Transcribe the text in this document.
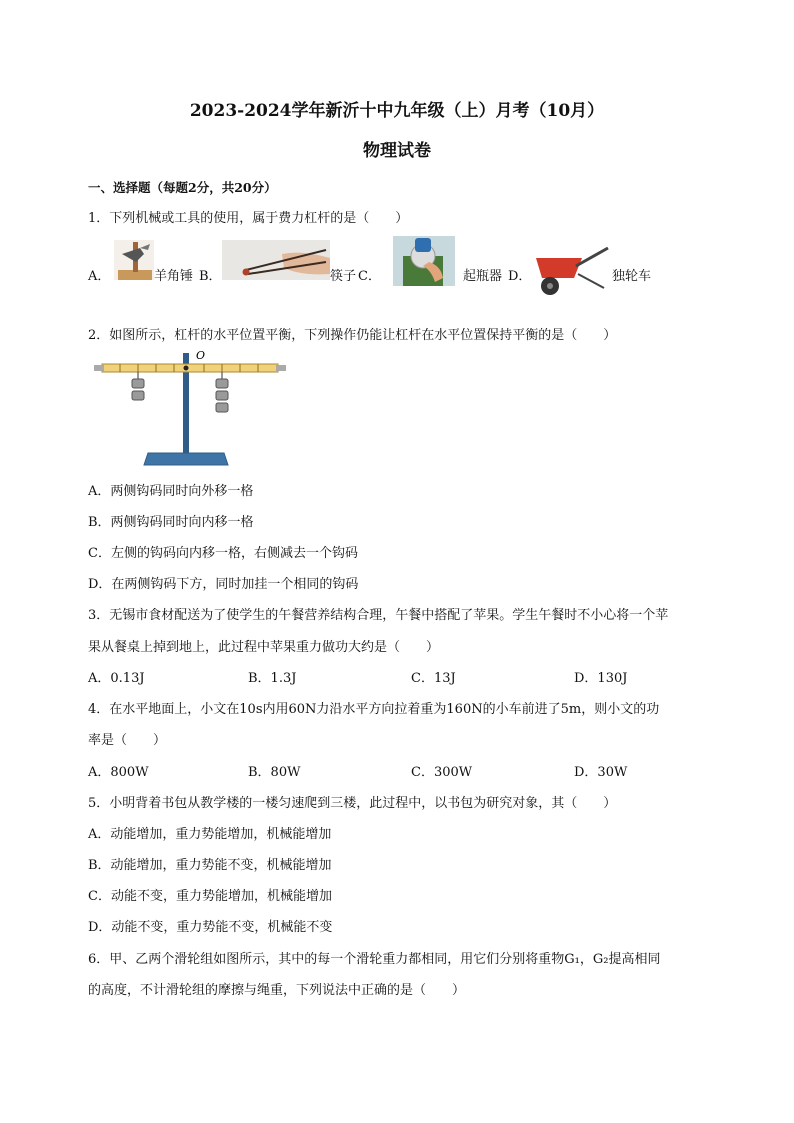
2023-2024学年新沂十中九年级（上）月考（10月）
物理试卷
一、选择题（每题2分，共20分）
1．下列机械或工具的使用，属于费力杠杆的是（　　）
A．	羊角锤 B．	筷子 C．	起瓶器 D．	独轮车
2．如图所示，杠杆的水平位置平衡，下列操作仍能让杠杆在水平位置保持平衡的是（　　）
O
A．两侧钩码同时向外移一格
B．两侧钩码同时向内移一格
C．左侧的钩码向内移一格，右侧减去一个钩码
D．在两侧钩码下方，同时加挂一个相同的钩码
3．无锡市食材配送为了使学生的午餐营养结构合理，午餐中搭配了苹果。学生午餐时不小心将一个苹
果从餐桌上掉到地上，此过程中苹果重力做功大约是（　　）
A．0.13J	B．1.3J	C．13J	D．130J
4．在水平地面上，小文在10s内用60N力沿水平方向拉着重为160N的小车前进了5m，则小文的功
率是（　　）
A．800W	B．80W	C．300W	D．30W
5．小明背着书包从教学楼的一楼匀速爬到三楼，此过程中，以书包为研究对象，其（　　）
A．动能增加，重力势能增加，机械能增加
B．动能增加，重力势能不变，机械能增加
C．动能不变，重力势能增加，机械能增加
D．动能不变，重力势能不变，机械能不变
6．甲、乙两个滑轮组如图所示，其中的每一个滑轮重力都相同，用它们分别将重物G₁，G₂提高相同
的高度，不计滑轮组的摩擦与绳重，下列说法中正确的是（　　）
